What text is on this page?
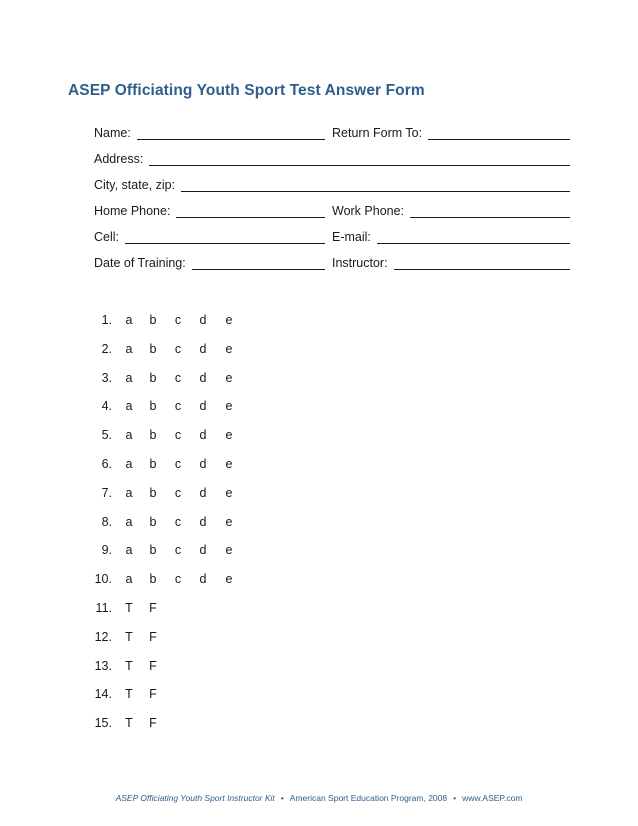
ASEP Officiating Youth Sport Test Answer Form
Name:	Return Form To:
Address:
City, state, zip:
Home Phone:	Work Phone:
Cell:	E-mail:
Date of Training:	Instructor:
1. a b	c	d e
2. a b	c	d e
3. a b	c	d e
4. a b	c	d e
5. a b	c	d e
6. a b	c	d e
7. a b	c	d e
8. a b	c	d e
9. a b	c	d e
10. a b	c	d e
11. T F
12. T F
13. T F
14. T F
15. T F
ASEP Officiating Youth Sport Instructor Kit • American Sport Education Program, 2008 • www.ASEP.com
